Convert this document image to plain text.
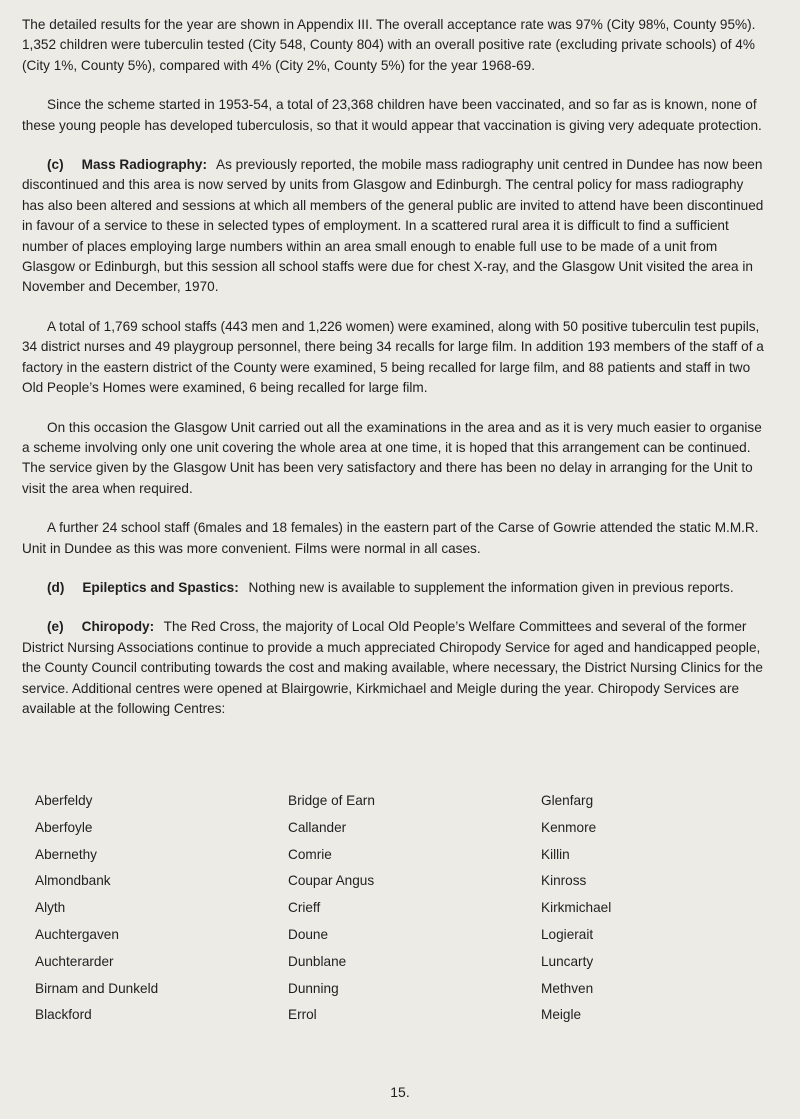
The detailed results for the year are shown in Appendix III. The overall acceptance rate was 97% (City 98%, County 95%). 1,352 children were tuberculin tested (City 548, County 804) with an overall positive rate (excluding private schools) of 4% (City 1%, County 5%), compared with 4% (City 2%, County 5%) for the year 1968-69.

Since the scheme started in 1953-54, a total of 23,368 children have been vaccinated, and so far as is known, none of these young people has developed tuberculosis, so that it would appear that vaccination is giving very adequate protection.

(c) Mass Radiography: As previously reported, the mobile mass radiography unit centred in Dundee has now been discontinued and this area is now served by units from Glasgow and Edinburgh. The central policy for mass radiography has also been altered and sessions at which all members of the general public are invited to attend have been discontinued in favour of a service to these in selected types of employment. In a scattered rural area it is difficult to find a sufficient number of places employing large numbers within an area small enough to enable full use to be made of a unit from Glasgow or Edinburgh, but this session all school staffs were due for chest X-ray, and the Glasgow Unit visited the area in November and December, 1970.

A total of 1,769 school staffs (443 men and 1,226 women) were examined, along with 50 positive tuberculin test pupils, 34 district nurses and 49 playgroup personnel, there being 34 recalls for large film. In addition 193 members of the staff of a factory in the eastern district of the County were examined, 5 being recalled for large film, and 88 patients and staff in two Old People’s Homes were examined, 6 being recalled for large film.

On this occasion the Glasgow Unit carried out all the examinations in the area and as it is very much easier to organise a scheme involving only one unit covering the whole area at one time, it is hoped that this arrangement can be continued. The service given by the Glasgow Unit has been very satisfactory and there has been no delay in arranging for the Unit to visit the area when required.

A further 24 school staff (6males and 18 females) in the eastern part of the Carse of Gowrie attended the static M.M.R. Unit in Dundee as this was more convenient. Films were normal in all cases.

(d) Epileptics and Spastics: Nothing new is available to supplement the information given in previous reports.

(e) Chiropody: The Red Cross, the majority of Local Old People’s Welfare Committees and several of the former District Nursing Associations continue to provide a much appreciated Chiropody Service for aged and handicapped people, the County Council contributing towards the cost and making available, where necessary, the District Nursing Clinics for the service. Additional centres were opened at Blairgowrie, Kirkmichael and Meigle during the year. Chiropody Services are available at the following Centres:

Aberfeldy
Aberfoyle
Abernethy
Almondbank
Alyth
Auchtergaven
Auchterarder
Birnam and Dunkeld
Blackford
Bridge of Earn
Callander
Comrie
Coupar Angus
Crieff
Doune
Dunblane
Dunning
Errol
Glenfarg
Kenmore
Killin
Kinross
Kirkmichael
Logierait
Luncarty
Methven
Meigle
15.
